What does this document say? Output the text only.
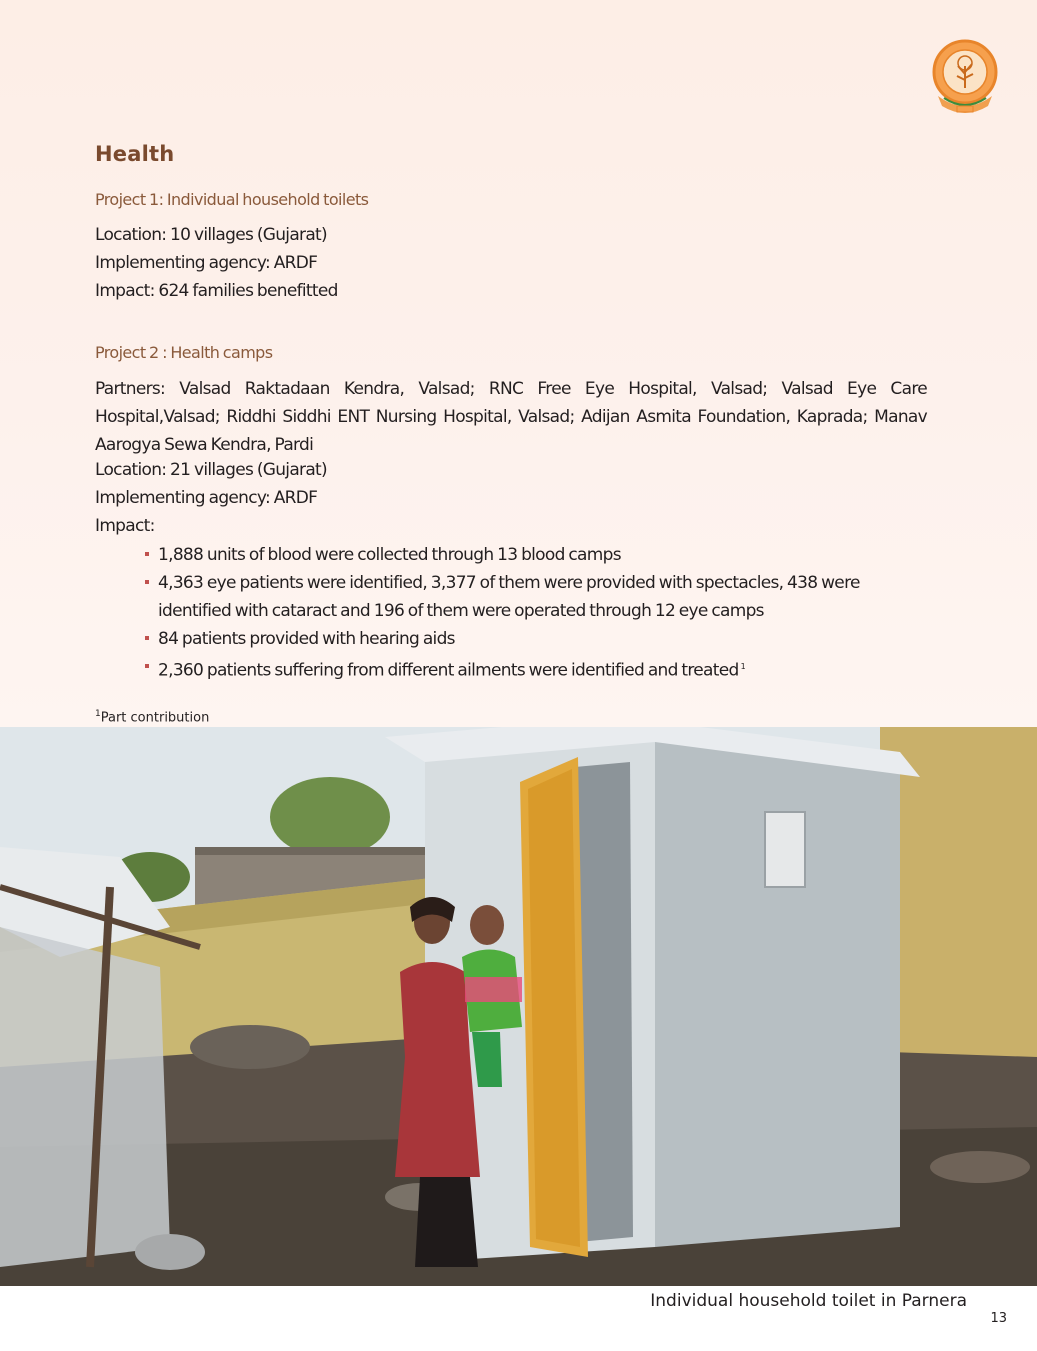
Health

Project 1: Individual household toilets

Location: 10 villages (Gujarat)

Implementing agency: ARDF

Impact: 624 families benefitted

Project 2 : Health camps

Partners: Valsad Raktadaan Kendra, Valsad; RNC Free Eye Hospital, Valsad; Valsad Eye Care Hospital,Valsad; Riddhi Siddhi ENT Nursing Hospital, Valsad; Adijan Asmita Foundation, Kaprada; Manav Aarogya Sewa Kendra, Pardi

Location: 21 villages (Gujarat)

Implementing agency: ARDF

Impact:

1,888 units of blood were collected through 13 blood camps
4,363 eye patients were identified, 3,377 of them were provided with spectacles, 438 were identified with cataract and 196 of them were operated through 12 eye camps
84 patients provided with hearing aids
2,360 patients suffering from different ailments were identified and treated $^1$

$^1$Part contribution

Individual household toilet in Parnera

13
